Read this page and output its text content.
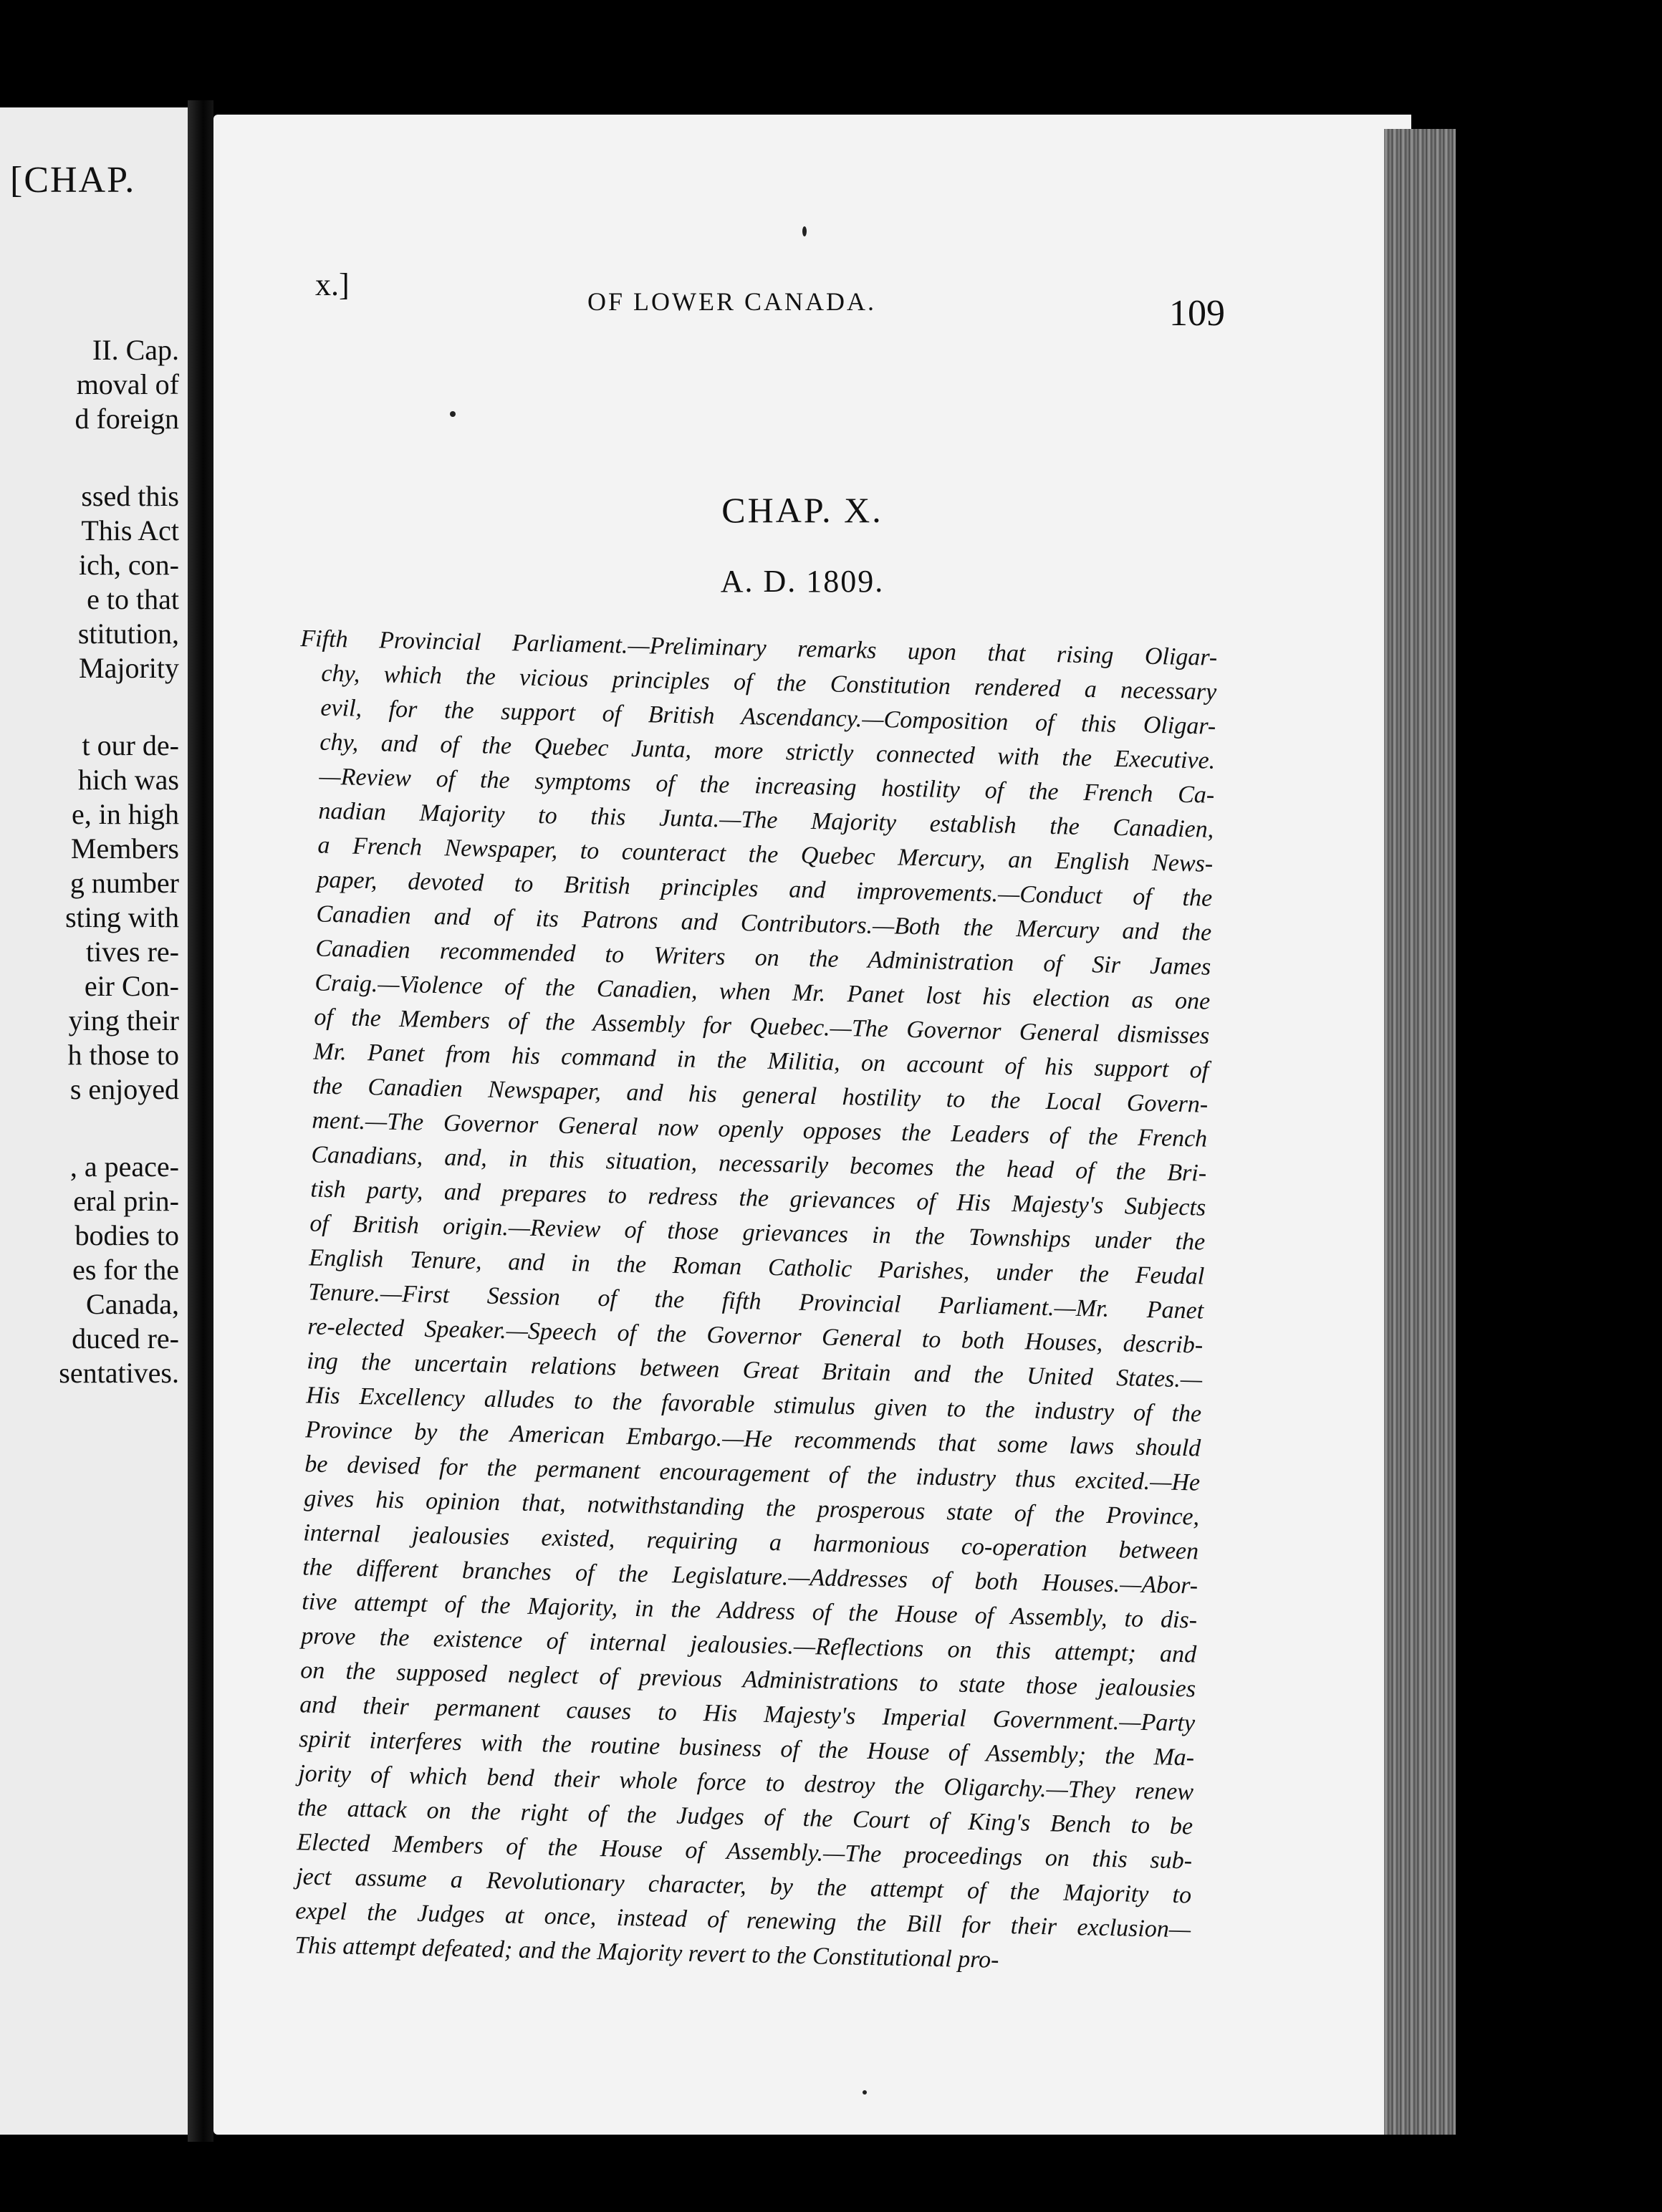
[CHAP.
II. Cap.
moval of
d foreign
ssed this
This Act
ich, con-
e to that
stitution,
Majority
t our de-
hich was
e, in high
Members
g number
sting with
tives re-
eir Con-
ying their
h those to
s enjoyed
, a peace-
eral prin-
bodies to
es for the
Canada,
duced re-
sentatives.
x.]	OF LOWER CANADA.	109
CHAP. X.
A. D. 1809.
Fifth Provincial Parliament.—Preliminary remarks upon that rising Oligar-
chy, which the vicious principles of the Constitution rendered a necessary
evil, for the support of British Ascendancy.—Composition of this Oligar-
chy, and of the Quebec Junta, more strictly connected with the Executive.
—Review of the symptoms of the increasing hostility of the French Ca-
nadian Majority to this Junta.—The Majority establish the Canadien,
a French Newspaper, to counteract the Quebec Mercury, an English News-
paper, devoted to British principles and improvements.—Conduct of the
Canadien and of its Patrons and Contributors.—Both the Mercury and the
Canadien recommended to Writers on the Administration of Sir James
Craig.—Violence of the Canadien, when Mr. Panet lost his election as one
of the Members of the Assembly for Quebec.—The Governor General dismisses
Mr. Panet from his command in the Militia, on account of his support of
the Canadien Newspaper, and his general hostility to the Local Govern-
ment.—The Governor General now openly opposes the Leaders of the French
Canadians, and, in this situation, necessarily becomes the head of the Bri-
tish party, and prepares to redress the grievances of His Majesty's Subjects
of British origin.—Review of those grievances in the Townships under the
English Tenure, and in the Roman Catholic Parishes, under the Feudal
Tenure.—First Session of the fifth Provincial Parliament.—Mr. Panet
re-elected Speaker.—Speech of the Governor General to both Houses, describ-
ing the uncertain relations between Great Britain and the United States.—
His Excellency alludes to the favorable stimulus given to the industry of the
Province by the American Embargo.—He recommends that some laws should
be devised for the permanent encouragement of the industry thus excited.—He
gives his opinion that, notwithstanding the prosperous state of the Province,
internal jealousies existed, requiring a harmonious co-operation between
the different branches of the Legislature.—Addresses of both Houses.—Abor-
tive attempt of the Majority, in the Address of the House of Assembly, to dis-
prove the existence of internal jealousies.—Reflections on this attempt; and
on the supposed neglect of previous Administrations to state those jealousies
and their permanent causes to His Majesty's Imperial Government.—Party
spirit interferes with the routine business of the House of Assembly; the Ma-
jority of which bend their whole force to destroy the Oligarchy.—They renew
the attack on the right of the Judges of the Court of King's Bench to be
Elected Members of the House of Assembly.—The proceedings on this sub-
ject assume a Revolutionary character, by the attempt of the Majority to
expel the Judges at once, instead of renewing the Bill for their exclusion—
This attempt defeated; and the Majority revert to the Constitutional pro-
